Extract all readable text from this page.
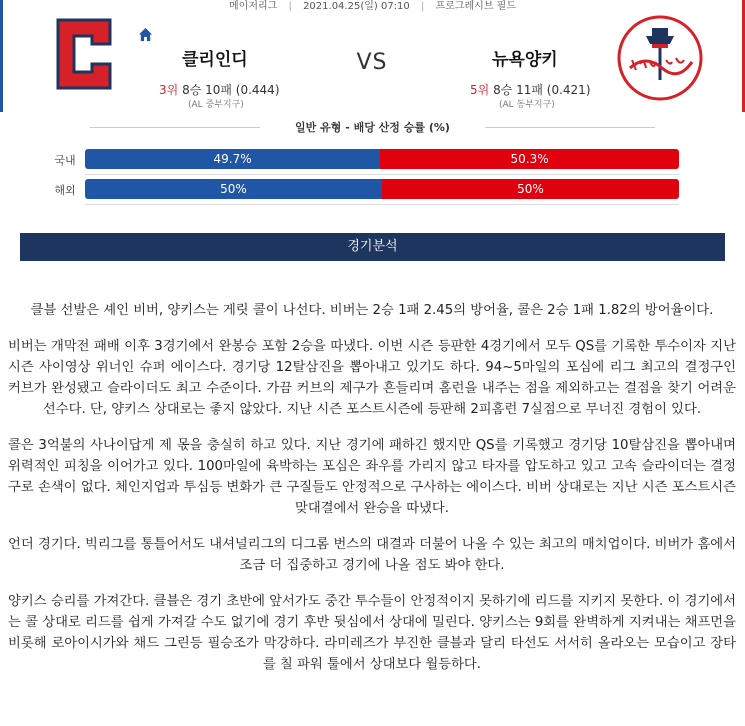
메이저리그 | 2021.04.25(일) 07:10 | 프로그레시브 필드
클리인디	VS	뉴욕양키
3위 8승 10패 (0.444)
(AL 중부지구)
5위 8승 11패 (0.421)
(AL 동부지구)
일반 유형 - 배당 산정 승률 (%)
국내	49.7%	50.3%
해외	50%	50%
경기분석

클블 선발은 셰인 비버, 양키스는 게릿 콜이 나선다. 비버는 2승 1패 2.45의 방어율, 콜은 2승 1패 1.82의 방어율이다.

비버는 개막전 패배 이후 3경기에서 완봉승 포함 2승을 따냈다. 이번 시즌 등판한 4경기에서 모두 QS를 기록한 투수이자 지난 시즌 사이영상 위너인 슈퍼 에이스다. 경기당 12탈삼진을 뽑아내고 있기도 하다. 94~5마일의 포심에 리그 최고의 결정구인 커브가 완성됐고 슬라이더도 최고 수준이다. 가끔 커브의 제구가 흔들리며 홈런을 내주는 점을 제외하고는 결점을 찾기 어려운 선수다. 단, 양키스 상대로는 좋지 않았다. 지난 시즌 포스트시즌에 등판해 2피홈런 7실점으로 무너진 경험이 있다.

콜은 3억불의 사나이답게 제 몫을 충실히 하고 있다. 지난 경기에 패하긴 했지만 QS를 기록했고 경기당 10탈삼진을 뽑아내며 위력적인 피칭을 이어가고 있다. 100마일에 육박하는 포심은 좌우를 가리지 않고 타자를 압도하고 있고 고속 슬라이더는 결정구로 손색이 없다. 체인지업과 투심등 변화가 큰 구질들도 안정적으로 구사하는 에이스다. 비버 상대로는 지난 시즌 포스트시즌 맞대결에서 완승을 따냈다.

언더 경기다. 빅리그를 통틀어서도 내셔널리그의 디그롬 번스의 대결과 더불어 나올 수 있는 최고의 매치업이다. 비버가 홈에서 조금 더 집중하고 경기에 나올 점도 봐야 한다.

양키스 승리를 가져간다. 클블은 경기 초반에 앞서가도 중간 투수들이 안정적이지 못하기에 리드를 지키지 못한다. 이 경기에서는 콜 상대로 리드를 쉽게 가져갈 수도 없기에 경기 후반 뒷심에서 상대에 밀린다. 양키스는 9회를 완벽하게 지켜내는 채프먼을 비롯해 로아이시가와 채드 그린등 필승조가 막강하다. 라미레즈가 부진한 클블과 달리 타선도 서서히 올라오는 모습이고 장타를 칠 파워 툴에서 상대보다 월등하다.
